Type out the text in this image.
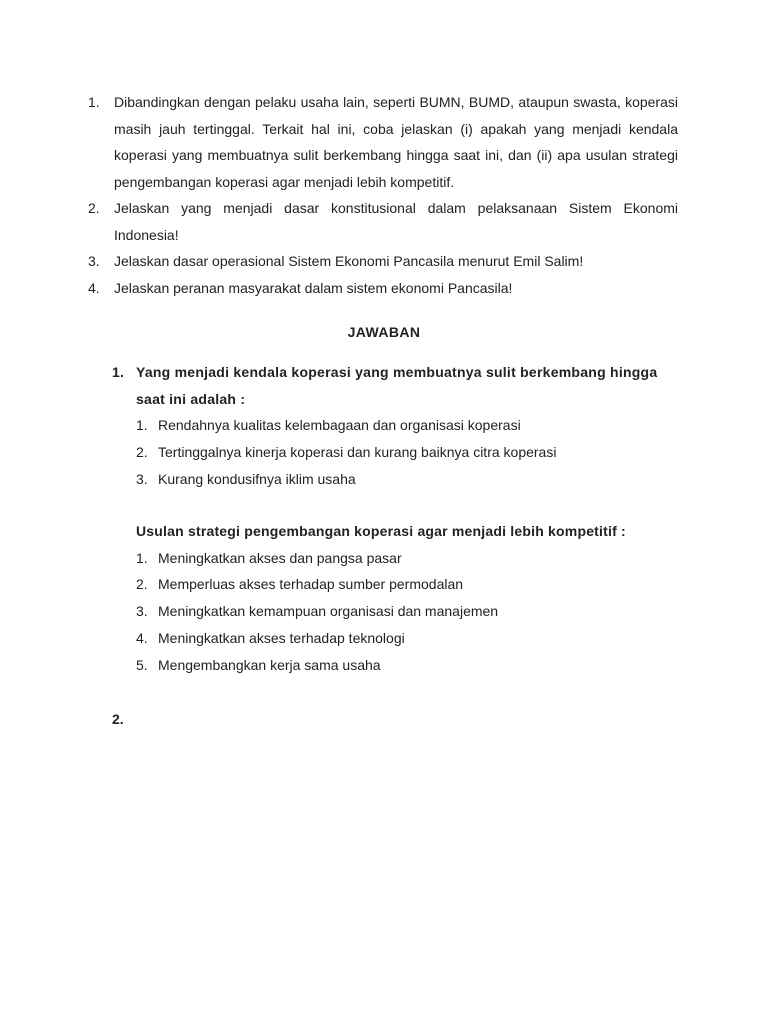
1. Dibandingkan dengan pelaku usaha lain, seperti BUMN, BUMD, ataupun swasta, koperasi masih jauh tertinggal. Terkait hal ini, coba jelaskan (i) apakah yang menjadi kendala koperasi yang membuatnya sulit berkembang hingga saat ini, dan (ii) apa usulan strategi pengembangan koperasi agar menjadi lebih kompetitif.
2. Jelaskan yang menjadi dasar konstitusional dalam pelaksanaan Sistem Ekonomi Indonesia!
3. Jelaskan dasar operasional Sistem Ekonomi Pancasila menurut Emil Salim!
4. Jelaskan peranan masyarakat dalam sistem ekonomi Pancasila!
JAWABAN
1. Yang menjadi kendala koperasi yang membuatnya sulit berkembang hingga saat ini adalah :
1. Rendahnya kualitas kelembagaan dan organisasi koperasi
2. Tertinggalnya kinerja koperasi dan kurang baiknya citra koperasi
3. Kurang kondusifnya iklim usaha
Usulan strategi pengembangan koperasi agar menjadi lebih kompetitif :
1. Meningkatkan akses dan pangsa pasar
2. Memperluas akses terhadap sumber permodalan
3. Meningkatkan kemampuan organisasi dan manajemen
4. Meningkatkan akses terhadap teknologi
5. Mengembangkan kerja sama usaha
2.
